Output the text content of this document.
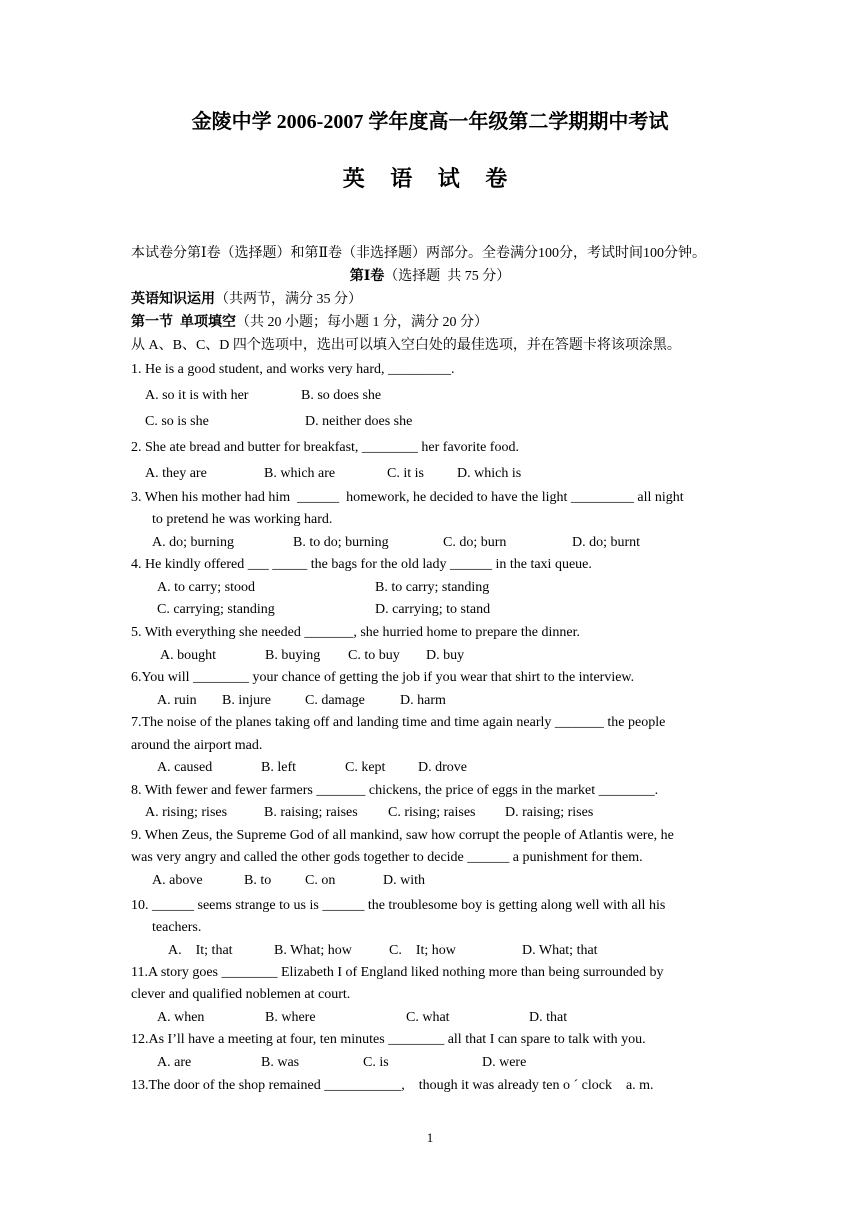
金陵中学 2006-2007 学年度高一年级第二学期期中考试
英 语 试 卷
本试卷分第Ⅰ卷（选择题）和第Ⅱ卷（非选择题）两部分。全卷满分100分，考试时间100分钟。
第Ⅰ卷（选择题  共 75 分）
英语知识运用（共两节，满分 35 分）
第一节  单项填空（共 20 小题；每小题 1 分，满分 20 分）
从 A、B、C、D 四个选项中，选出可以填入空白处的最佳选项，并在答题卡将该项涂黑。
1. He is a good student, and works very hard, _________.
A. so it is with her	B. so does she
C. so is she	D. neither does she
2. She ate bread and butter for breakfast, ________ her favorite food.
A. they are	B. which are	C. it is D. which is
3. When his mother had him  ______  homework, he decided to have the light _________ all night
to pretend he was working hard.
A. do; burning	B. to do; burning	C. do; burn	D. do; burnt
4. He kindly offered ___ _____ the bags for the old lady ______ in the taxi queue.
A. to carry; stood	B. to carry; standing
C. carrying; standing	D. carrying; to stand
5. With everything she needed _______, she hurried home to prepare the dinner.
A. bought	B. buying C. to buy D. buy
6.You will ________ your chance of getting the job if you wear that shirt to the interview.
A. ruin B. injure C. damage	D. harm
7.The noise of the planes taking off and landing time and time again nearly _______ the people
around the airport mad.
A. caused	B. left	C. kept D. drove
8. With fewer and fewer farmers _______ chickens, the price of eggs in the market ________.
A. rising; rises	B. raising; raises C. rising; raises D. raising; rises
9. When Zeus, the Supreme God of all mankind, saw how corrupt the people of Atlantis were, he
was very angry and called the other gods together to decide ______ a punishment for them.
A. above	B. to C. on	D. with
10. ______ seems strange to us is ______ the troublesome boy is getting along well with all his
teachers.
A.    It; that	B. What; how	C.    It; how	D. What; that
11.A story goes ________ Elizabeth I of England liked nothing more than being surrounded by
clever and qualified noblemen at court.
A. when	B. where	C. what	D. that
12.As I’ll have a meeting at four, ten minutes ________ all that I can spare to talk with you.
A. are	B. was	C. is	D. were
13.The door of the shop remained ___________,    though it was already ten o ´ clock    a. m.
1
